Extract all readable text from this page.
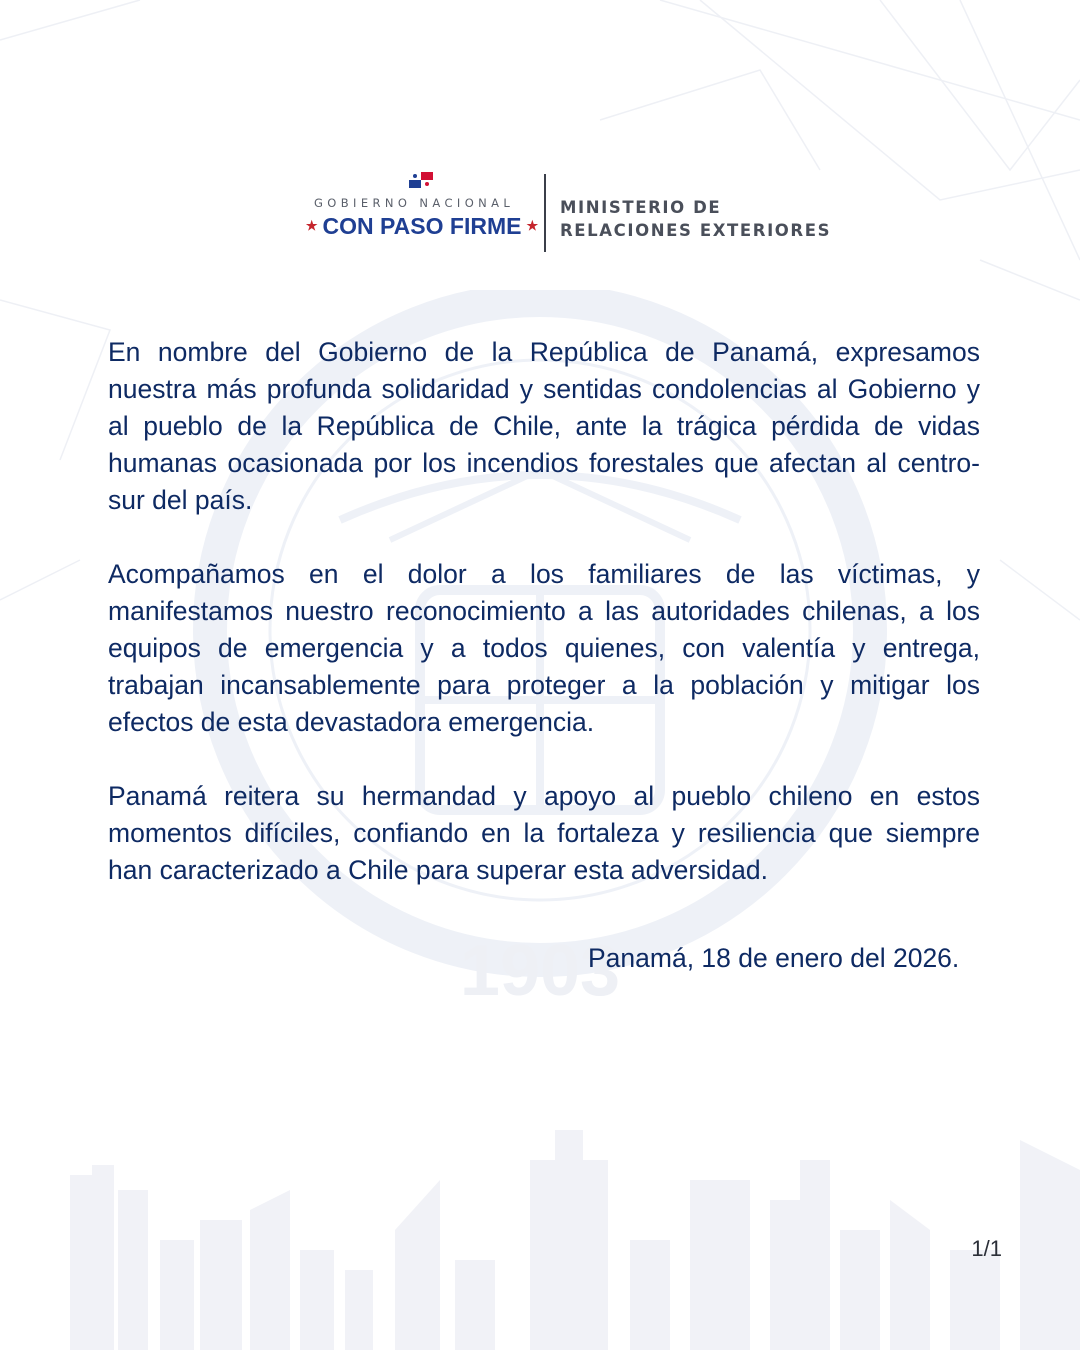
1903
GOBIERNO NACIONAL
★ CON PASO FIRME ★
MINISTERIO DE
RELACIONES EXTERIORES

En nombre del Gobierno de la República de Panamá, expresamos nuestra más profunda solidaridad y sentidas condolencias al Gobierno y al pueblo de la República de Chile, ante la trágica pérdida de vidas humanas ocasionada por los incendios forestales que afectan al centro-sur del país.

Acompañamos en el dolor a los familiares de las víctimas, y manifestamos nuestro reconocimiento a las autoridades chilenas, a los equipos de emergencia y a todos quienes, con valentía y entrega, trabajan incansablemente para proteger a la población y mitigar los efectos de esta devastadora emergencia.

Panamá reitera su hermandad y apoyo al pueblo chileno en estos momentos difíciles, confiando en la fortaleza y resiliencia que siempre han caracterizado a Chile para superar esta adversidad.

Panamá, 18 de enero del 2026.
1/1
